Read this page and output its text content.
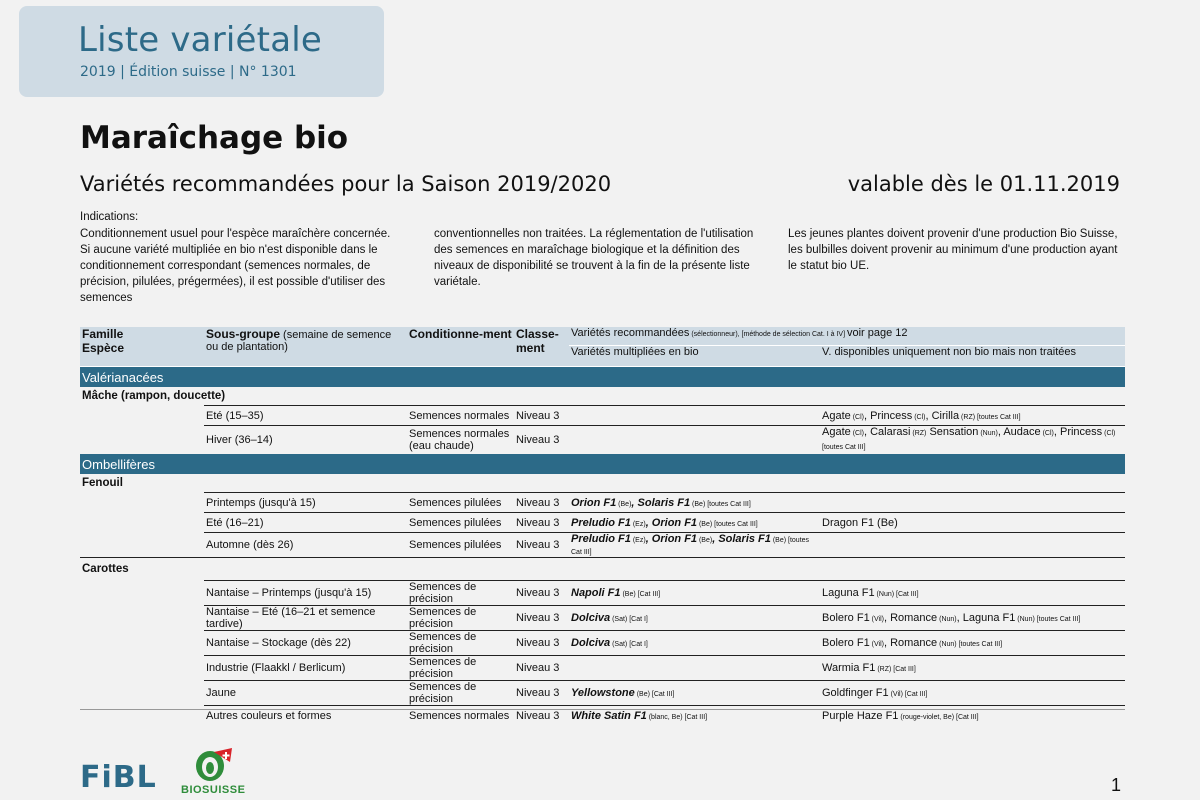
Liste variétale
2019 | Édition suisse | N° 1301
Maraîchage bio
Variétés recommandées pour la Saison 2019/2020	valable dès le 01.11.2019
Indications:
Conditionnement usuel pour l'espèce maraîchère concernée. Si aucune variété multipliée en bio n'est disponible dans le conditionnement correspondant (semences normales, de précision, pilulées, prégermées), il est possible d'utiliser des semences
conventionnelles non traitées. La réglementation de l'utilisation des semences en maraîchage biologique et la définition des niveaux de disponibilité se trouvent à la fin de la présente liste variétale.
Les jeunes plantes doivent provenir d'une production Bio Suisse, les bulbilles doivent provenir au minimum d'une production ayant le statut bio UE.
Famille
Espèce	Sous-groupe (semaine de semence ou de plantation)	Conditionne-ment	Classe-ment	Variétés recommandées (sélectionneur), [méthode de sélection Cat. I à IV] voir page 12	
				Variétés multipliées en bio	V. disponibles uniquement non bio mais non traitées
Valérianacées					
Mâche (rampon, doucette)					
	Eté (15–35)	Semences normales	Niveau 3		Agate (Cl), Princess (Cl), Cirilla (RZ) [toutes Cat III]
	Hiver (36–14)	Semences normales (eau chaude)	Niveau 3		Agate (Cl), Calarasi (RZ) Sensation (Nun), Audace (Cl), Princess (Cl) [toutes Cat III]
Ombellifères					
Fenouil					
	Printemps (jusqu'à 15)	Semences pilulées	Niveau 3	Orion F1 (Be), Solaris F1 (Be) [toutes Cat III]	
	Eté (16–21)	Semences pilulées	Niveau 3	Preludio F1 (Ez), Orion F1 (Be) [toutes Cat III]	Dragon F1 (Be)
	Automne (dès 26)	Semences pilulées	Niveau 3	Preludio F1 (Ez), Orion F1 (Be), Solaris F1 (Be) [toutes Cat III]	
Carottes					
	Nantaise – Printemps (jusqu'à 15)	Semences de précision	Niveau 3	Napoli F1 (Be) [Cat III]	Laguna F1 (Nun) [Cat III]
	Nantaise – Eté (16–21 et semence tardive)	Semences de précision	Niveau 3	Dolciva (Sat) [Cat I]	Bolero F1 (Vil), Romance (Nun), Laguna F1 (Nun) [toutes Cat III]
	Nantaise – Stockage (dès 22)	Semences de précision	Niveau 3	Dolciva (Sat) [Cat I]	Bolero F1 (Vil), Romance (Nun) [toutes Cat III]
	Industrie (Flaakkl / Berlicum)	Semences de précision	Niveau 3		Warmia F1 (RZ) [Cat III]
	Jaune	Semences de précision	Niveau 3	Yellowstone (Be) [Cat III]	Goldfinger F1 (Vil) [Cat III]
	Autres couleurs et formes	Semences normales	Niveau 3	White Satin F1 (blanc, Be) [Cat III]	Purple Haze F1 (rouge-violet, Be) [Cat III]
FiBL BIOSUISSE	1
